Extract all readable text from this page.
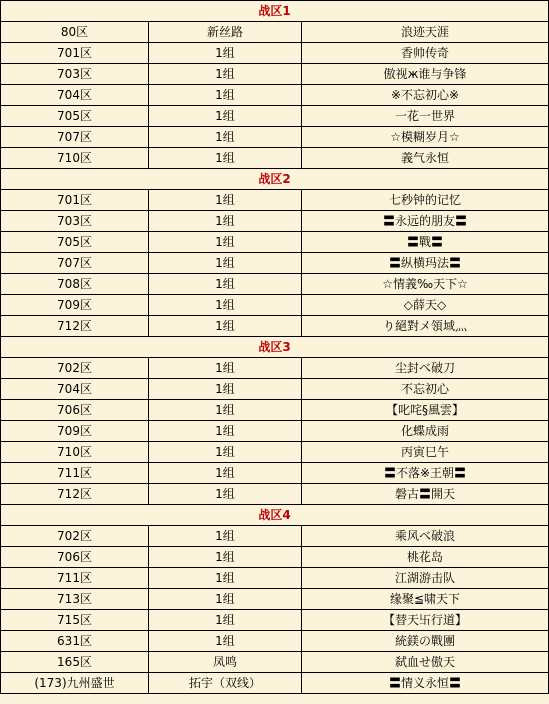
战区1		
80区	新丝路	浪迹天涯
701区	1组	香帅传奇
703区	1组	傲视ж谁与争锋
704区	1组	※不忘初心※
705区	1组	一花一世界
707区	1组	☆模糊岁月☆
710区	1组	義气永恒
战区2		
701区	1组	七秒钟的记忆
703区	1组	〓永远的朋友〓
705区	1组	〓戰〓
707区	1组	〓纵横玛法〓
708区	1组	☆情義‰天下☆
709区	1组	◇薛天◇
712区	1组	り絕對メ領域灬
战区3		
702区	1组	尘封べ破刀
704区	1组	不忘初心
706区	1组	【叱咤§風雲】
709区	1组	化蝶成雨
710区	1组	丙寅巳午
711区	1组	〓不落※王朝〓
712区	1组	磐古〓開天
战区4		
702区	1组	乘风べ破浪
706区	1组	桃花岛
711区	1组	江湖游击队
713区	1组	缘聚≦啸天下
715区	1组	【替天卐行道】
631区	1组	統鎂の戰團
165区	凤鸣	弑血せ傲天
(173)九州盛世	拓宇（双线）	〓情义永恒〓
